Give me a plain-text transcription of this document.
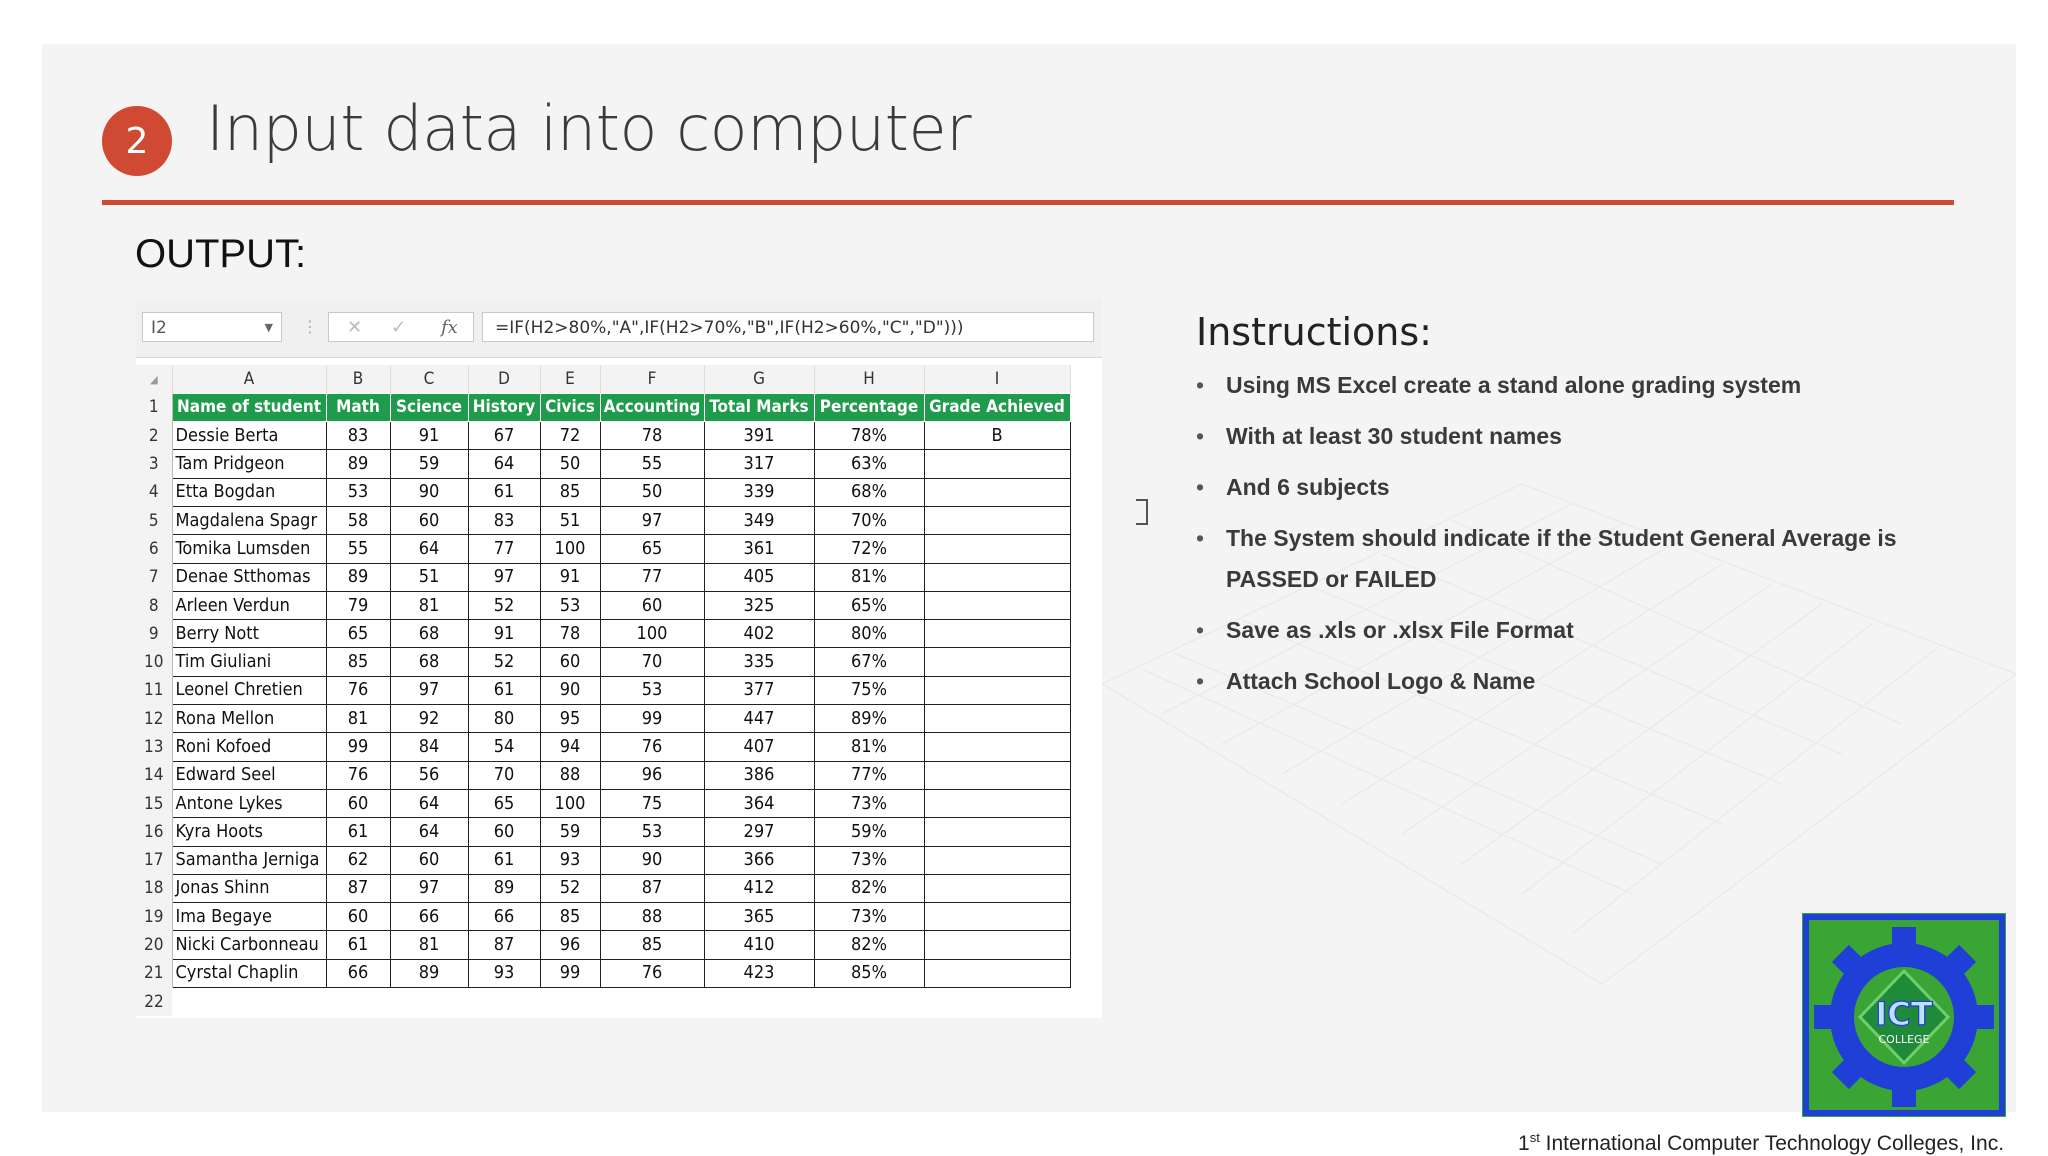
2 Input data into computer
OUTPUT:
I2	▼ ⋮ ✕ ✓ fx	=IF(H2>80%,"A",IF(H2>70%,"B",IF(H2>60%,"C","D")))
◢	A	B	C	D	E	F	G	H	I
1	Name of student	Math	Science	History	Civics	Accounting	Total Marks	Percentage	Grade Achieved
2	Dessie Berta	83	91	67	72	78	391	78%	B
3	Tam Pridgeon	89	59	64	50	55	317	63%	
4	Etta Bogdan	53	90	61	85	50	339	68%	
5	Magdalena Spagr	58	60	83	51	97	349	70%	
6	Tomika Lumsden	55	64	77	100	65	361	72%	
7	Denae Stthomas	89	51	97	91	77	405	81%	
8	Arleen Verdun	79	81	52	53	60	325	65%	
9	Berry Nott	65	68	91	78	100	402	80%	
10	Tim Giuliani	85	68	52	60	70	335	67%	
11	Leonel Chretien	76	97	61	90	53	377	75%	
12	Rona Mellon	81	92	80	95	99	447	89%	
13	Roni Kofoed	99	84	54	94	76	407	81%	
14	Edward Seel	76	56	70	88	96	386	77%	
15	Antone Lykes	60	64	65	100	75	364	73%	
16	Kyra Hoots	61	64	60	59	53	297	59%	
17	Samantha Jerniga	62	60	61	93	90	366	73%	
18	Jonas Shinn	87	97	89	52	87	412	82%	
19	Ima Begaye	60	66	66	85	88	365	73%	
20	Nicki Carbonneau	61	81	87	96	85	410	82%	
21	Cyrstal Chaplin	66	89	93	99	76	423	85%	
22									
Instructions:
• Using MS Excel create a stand alone grading system
• With at least 30 student names
• And 6 subjects
• The System should indicate if the Student General Average is
PASSED or FAILED
• Save as .xls or .xlsx File Format
• Attach School Logo & Name
ICT
COLLEGE
1st International Computer Technology Colleges, Inc.
